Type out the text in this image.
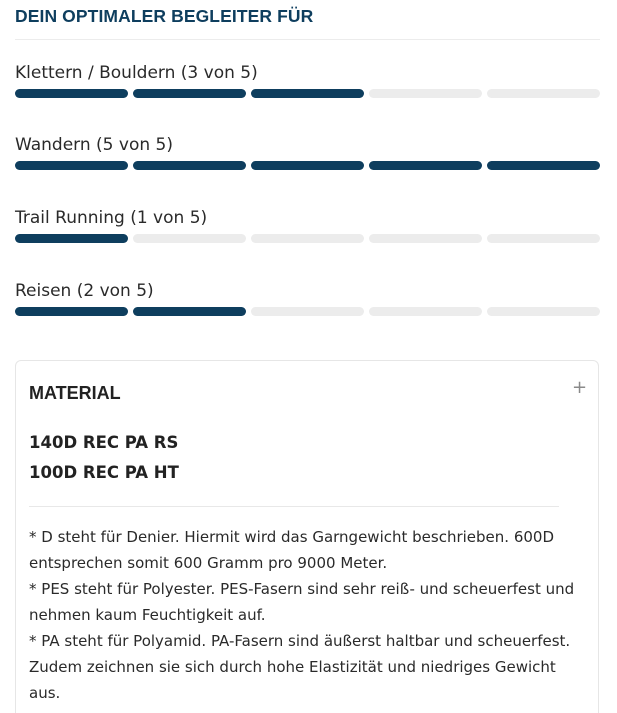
DEIN OPTIMALER BEGLEITER FÜR
Klettern / Bouldern (3 von 5)
Wandern (5 von 5)
Trail Running (1 von 5)
Reisen (2 von 5)
MATERIAL	+
140D REC PA RS
100D REC PA HT

* D steht für Denier. Hiermit wird das Garngewicht beschrieben. 600D entsprechen somit 600 Gramm pro 9000 Meter.

* PES steht für Polyester. PES-Fasern sind sehr reiß- und scheuerfest und nehmen kaum Feuchtigkeit auf.

* PA steht für Polyamid. PA-Fasern sind äußerst haltbar und scheuerfest. Zudem zeichnen sie sich durch hohe Elastizität und niedriges Gewicht aus.
